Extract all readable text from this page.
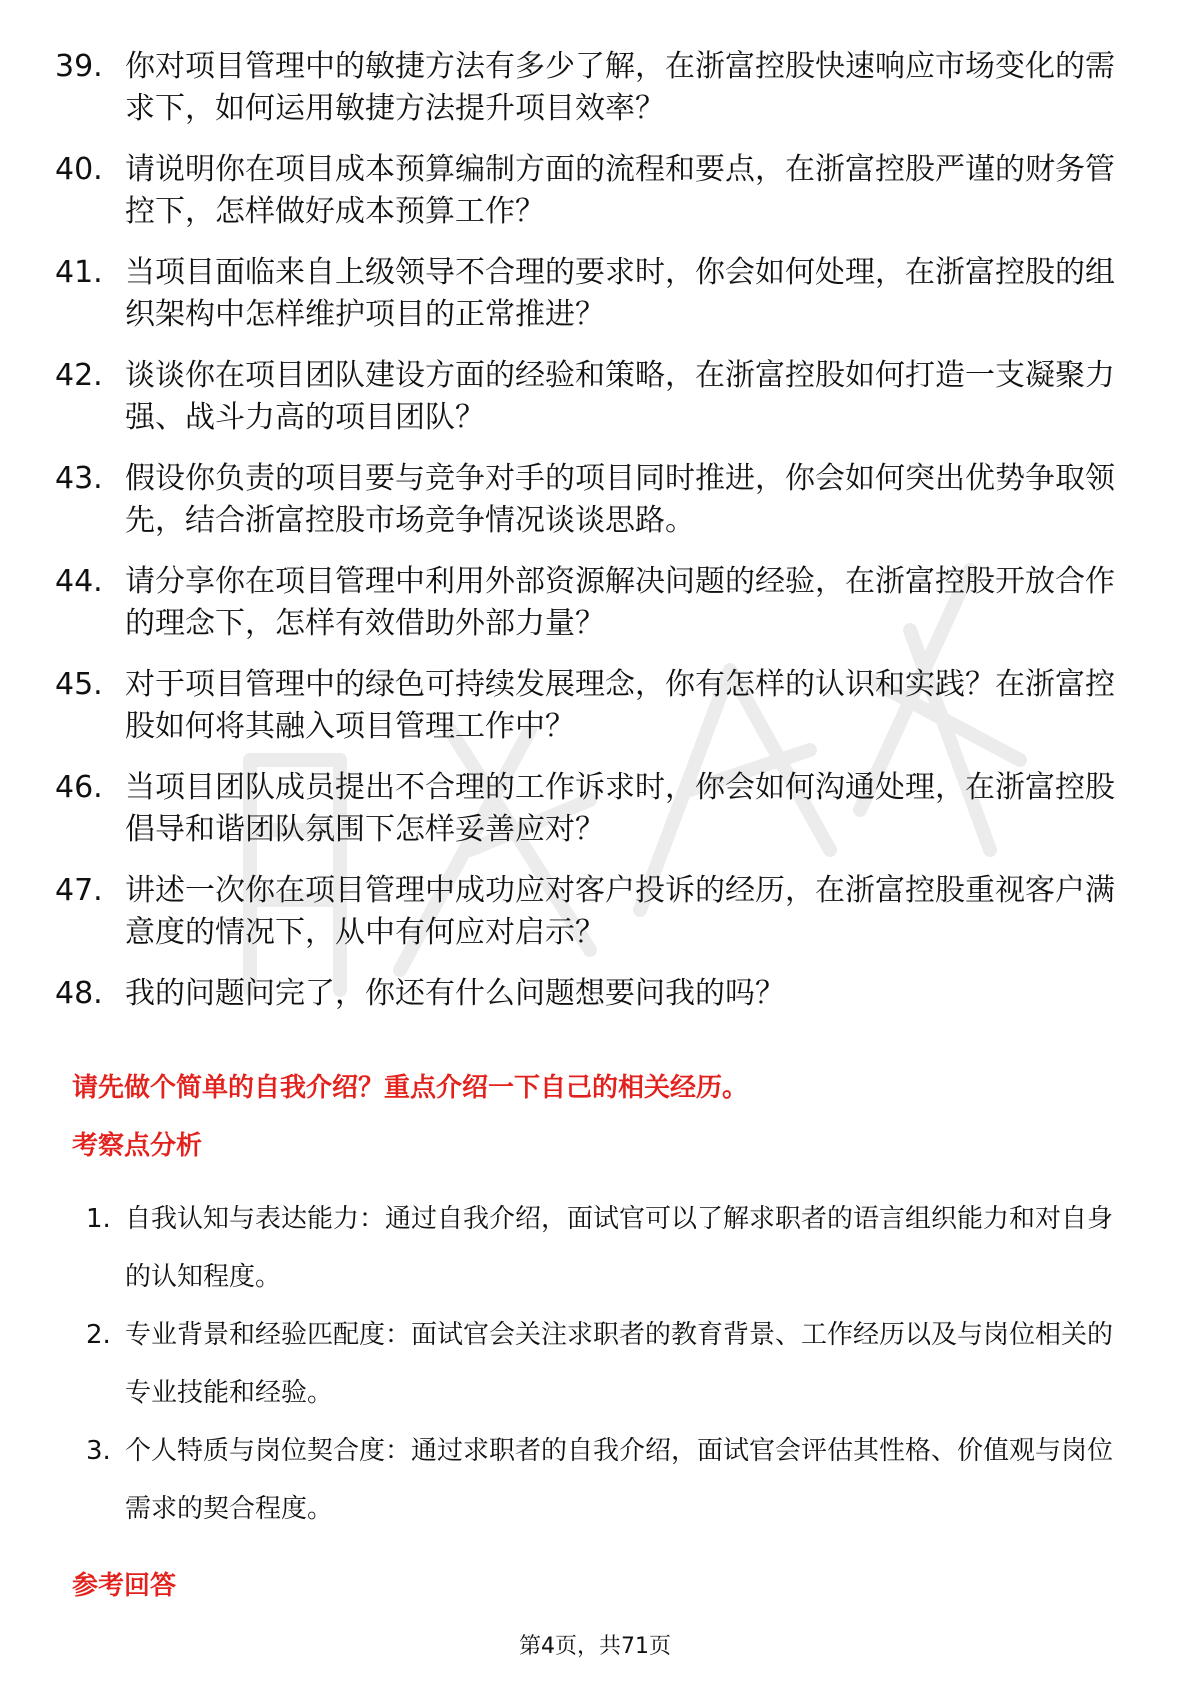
39. 你对项目管理中的敏捷方法有多少了解，在浙富控股快速响应市场变化的需求下，如何运用敏捷方法提升项目效率？
40. 请说明你在项目成本预算编制方面的流程和要点，在浙富控股严谨的财务管控下，怎样做好成本预算工作？
41. 当项目面临来自上级领导不合理的要求时，你会如何处理，在浙富控股的组织架构中怎样维护项目的正常推进？
42. 谈谈你在项目团队建设方面的经验和策略，在浙富控股如何打造一支凝聚力强、战斗力高的项目团队？
43. 假设你负责的项目要与竞争对手的项目同时推进，你会如何突出优势争取领先，结合浙富控股市场竞争情况谈谈思路。
44. 请分享你在项目管理中利用外部资源解决问题的经验，在浙富控股开放合作的理念下，怎样有效借助外部力量？
45. 对于项目管理中的绿色可持续发展理念，你有怎样的认识和实践？在浙富控股如何将其融入项目管理工作中？
46. 当项目团队成员提出不合理的工作诉求时，你会如何沟通处理，在浙富控股倡导和谐团队氛围下怎样妥善应对？
47. 讲述一次你在项目管理中成功应对客户投诉的经历，在浙富控股重视客户满意度的情况下，从中有何应对启示？
48. 我的问题问完了，你还有什么问题想要问我的吗？
请先做个简单的自我介绍？重点介绍一下自己的相关经历。
考察点分析
1. 自我认知与表达能力：通过自我介绍，面试官可以了解求职者的语言组织能力和对自身的认知程度。
2. 专业背景和经验匹配度：面试官会关注求职者的教育背景、工作经历以及与岗位相关的专业技能和经验。
3. 个人特质与岗位契合度：通过求职者的自我介绍，面试官会评估其性格、价值观与岗位需求的契合程度。
参考回答
第4页，共71页
